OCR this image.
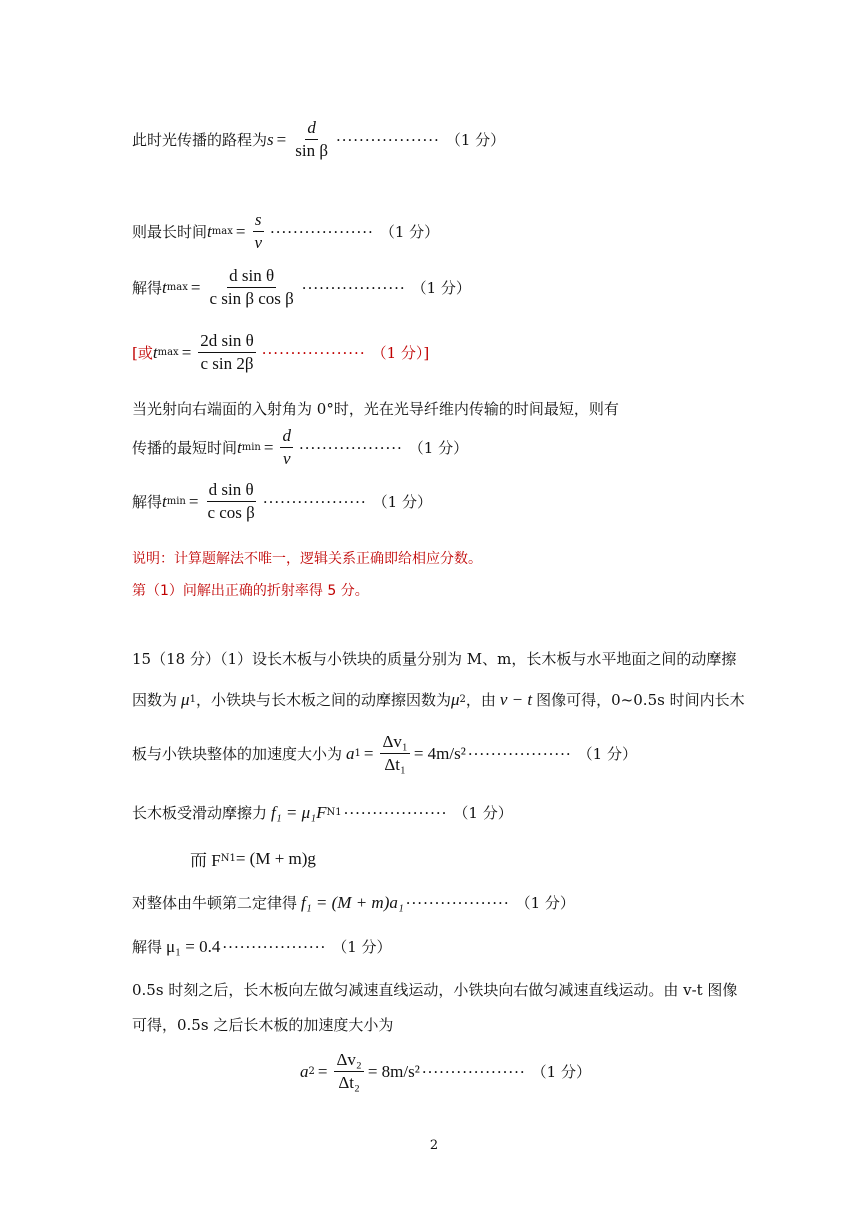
此时光传播的路程为 $s = \frac{d}{\text{sin β}}$ ·················· （1 分）
则最长时间 t $\max = \frac{s}{v}$ ·················· （1 分）
解得 t $\max = \frac{\text{d sin θ}}{\text{c sin β cos β}}$ ·················· （1 分）
[或 t $\max = \frac{\text{2d sin θ}}{\text{c sin 2β}}$ ·················· （1 分）]
当光射向右端面的入射角为 0°时，光在光导纤维内传输的时间最短，则有
传播的最短时间 t $\min = \frac{d}{v}$ ·················· （1 分）
解得 t $\min = \frac{\text{d sin θ}}{\text{c cos β}}$ ·················· （1 分）
说明：计算题解法不唯一，逻辑关系正确即给相应分数。
第（1）问解出正确的折射率得 5 分。
15（18 分）（1）设长木板与小铁块的质量分别为 M、m，长木板与水平地面之间的动摩擦
因数为 μ 1 ，小铁块与长木板之间的动摩擦因数为 μ 2 ，由 v − t 图像可得，0~0.5s 时间内长木
板与小铁块整体的加速度大小为 a $1 = \frac{\text{Δv₁}}{\text{Δt₁}} = 4m/s^2$ ·················· （1 分）
长木板受滑动摩擦力 f₁ = μ₁F N1 ·················· （1 分）
而 F N1 = (M + m)g
对整体由牛顿第二定律得 f₁ = (M + m)a₁ ·················· （1 分）
解得 μ₁ = 0.4 ·················· （1 分）
0.5s 时刻之后，长木板向左做匀减速直线运动，小铁块向右做匀减速直线运动。由 v-t 图像
可得，0.5s 之后长木板的加速度大小为
a $2 = \frac{\text{Δv₂}}{\text{Δt₂}} = 8m/s^2$ ·················· （1 分）
2
